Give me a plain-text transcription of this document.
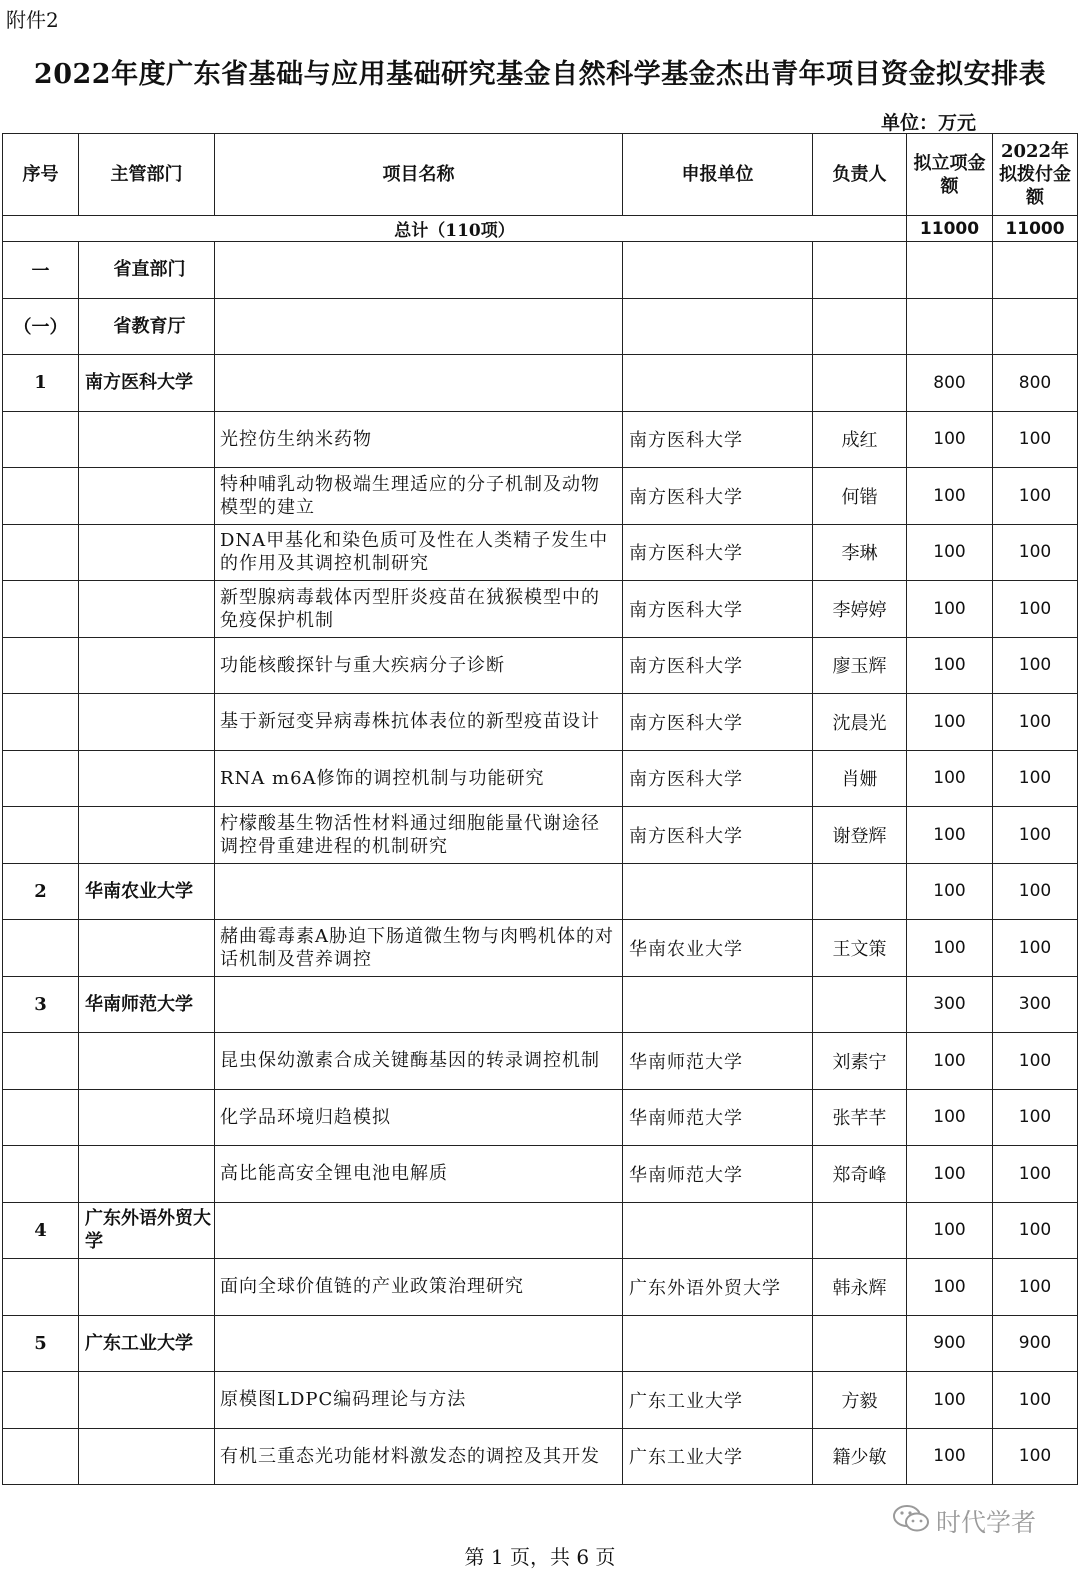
附件2
2022年度广东省基础与应用基础研究基金自然科学基金杰出青年项目资金拟安排表
单位：万元
序号	主管部门	项目名称	申报单位	负责人	拟立项金额	2022年拟拨付金额
总计（110项）					11000	11000
一	省直部门					
（一）	省教育厅					
1	南方医科大学				800	800
		光控仿生纳米药物	南方医科大学	成红	100	100
		特种哺乳动物极端生理适应的分子机制及动物模型的建立	南方医科大学	何锴	100	100
		DNA甲基化和染色质可及性在人类精子发生中的作用及其调控机制研究	南方医科大学	李琳	100	100
		新型腺病毒载体丙型肝炎疫苗在狨猴模型中的免疫保护机制	南方医科大学	李婷婷	100	100
		功能核酸探针与重大疾病分子诊断	南方医科大学	廖玉辉	100	100
		基于新冠变异病毒株抗体表位的新型疫苗设计	南方医科大学	沈晨光	100	100
		RNA m6A修饰的调控机制与功能研究	南方医科大学	肖姗	100	100
		柠檬酸基生物活性材料通过细胞能量代谢途径调控骨重建进程的机制研究	南方医科大学	谢登辉	100	100
2	华南农业大学				100	100
		赭曲霉毒素A胁迫下肠道微生物与肉鸭机体的对话机制及营养调控	华南农业大学	王文策	100	100
3	华南师范大学				300	300
		昆虫保幼激素合成关键酶基因的转录调控机制	华南师范大学	刘素宁	100	100
		化学品环境归趋模拟	华南师范大学	张芊芊	100	100
		高比能高安全锂电池电解质	华南师范大学	郑奇峰	100	100
4	广东外语外贸大学				100	100
		面向全球价值链的产业政策治理研究	广东外语外贸大学	韩永辉	100	100
5	广东工业大学				900	900
		原模图LDPC编码理论与方法	广东工业大学	方毅	100	100
		有机三重态光功能材料激发态的调控及其开发	广东工业大学	籍少敏	100	100
时代学者
第 1 页，共 6 页
